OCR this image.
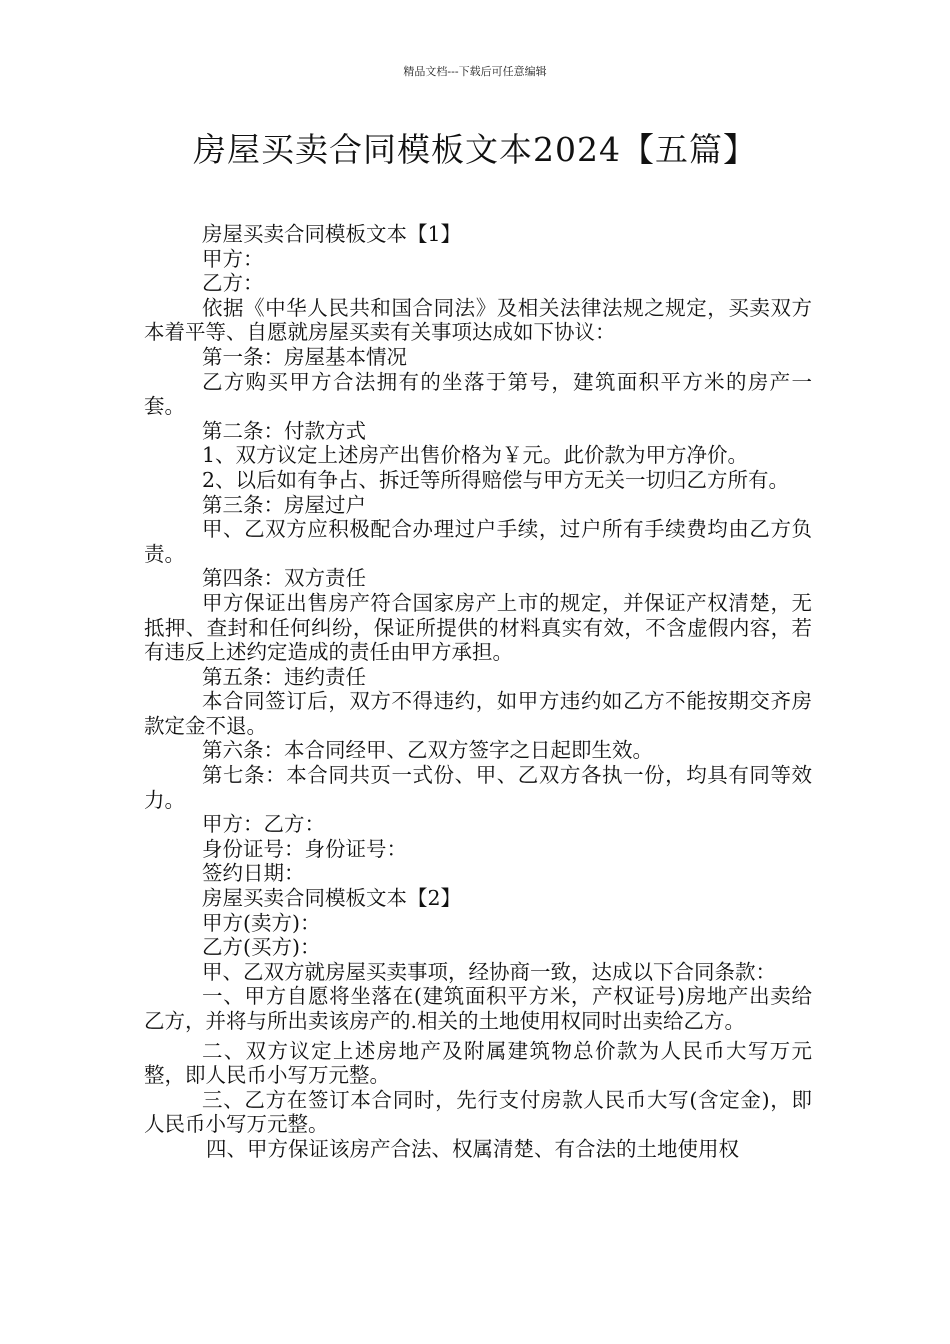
精品文档---下载后可任意编辑
房屋买卖合同模板文本2024【五篇】

房屋买卖合同模板文本【1】

甲方：

乙方：

依据《中华人民共和国合同法》及相关法律法规之规定，买卖双方本着平等、自愿就房屋买卖有关事项达成如下协议：

第一条：房屋基本情况

乙方购买甲方合法拥有的坐落于第号，建筑面积平方米的房产一套。

第二条：付款方式

1、双方议定上述房产出售价格为￥元。此价款为甲方净价。

2、以后如有争占、拆迁等所得赔偿与甲方无关一切归乙方所有。

第三条：房屋过户

甲、乙双方应积极配合办理过户手续，过户所有手续费均由乙方负责。

第四条：双方责任

甲方保证出售房产符合国家房产上市的规定，并保证产权清楚，无抵押、查封和任何纠纷，保证所提供的材料真实有效，不含虚假内容，若有违反上述约定造成的责任由甲方承担。

第五条：违约责任

本合同签订后，双方不得违约，如甲方违约如乙方不能按期交齐房款定金不退。

第六条：本合同经甲、乙双方签字之日起即生效。

第七条：本合同共页一式份、甲、乙双方各执一份，均具有同等效力。

甲方：乙方：

身份证号：身份证号：

签约日期：

房屋买卖合同模板文本【2】

甲方(卖方)：

乙方(买方)：

甲、乙双方就房屋买卖事项，经协商一致，达成以下合同条款：

一、甲方自愿将坐落在(建筑面积平方米，产权证号)房地产出卖给乙方，并将与所出卖该房产的.相关的土地使用权同时出卖给乙方。

二、双方议定上述房地产及附属建筑物总价款为人民币大写万元整，即人民币小写万元整。

三、乙方在签订本合同时，先行支付房款人民币大写(含定金)，即人民币小写万元整。

四、甲方保证该房产合法、权属清楚、有合法的土地使用权
